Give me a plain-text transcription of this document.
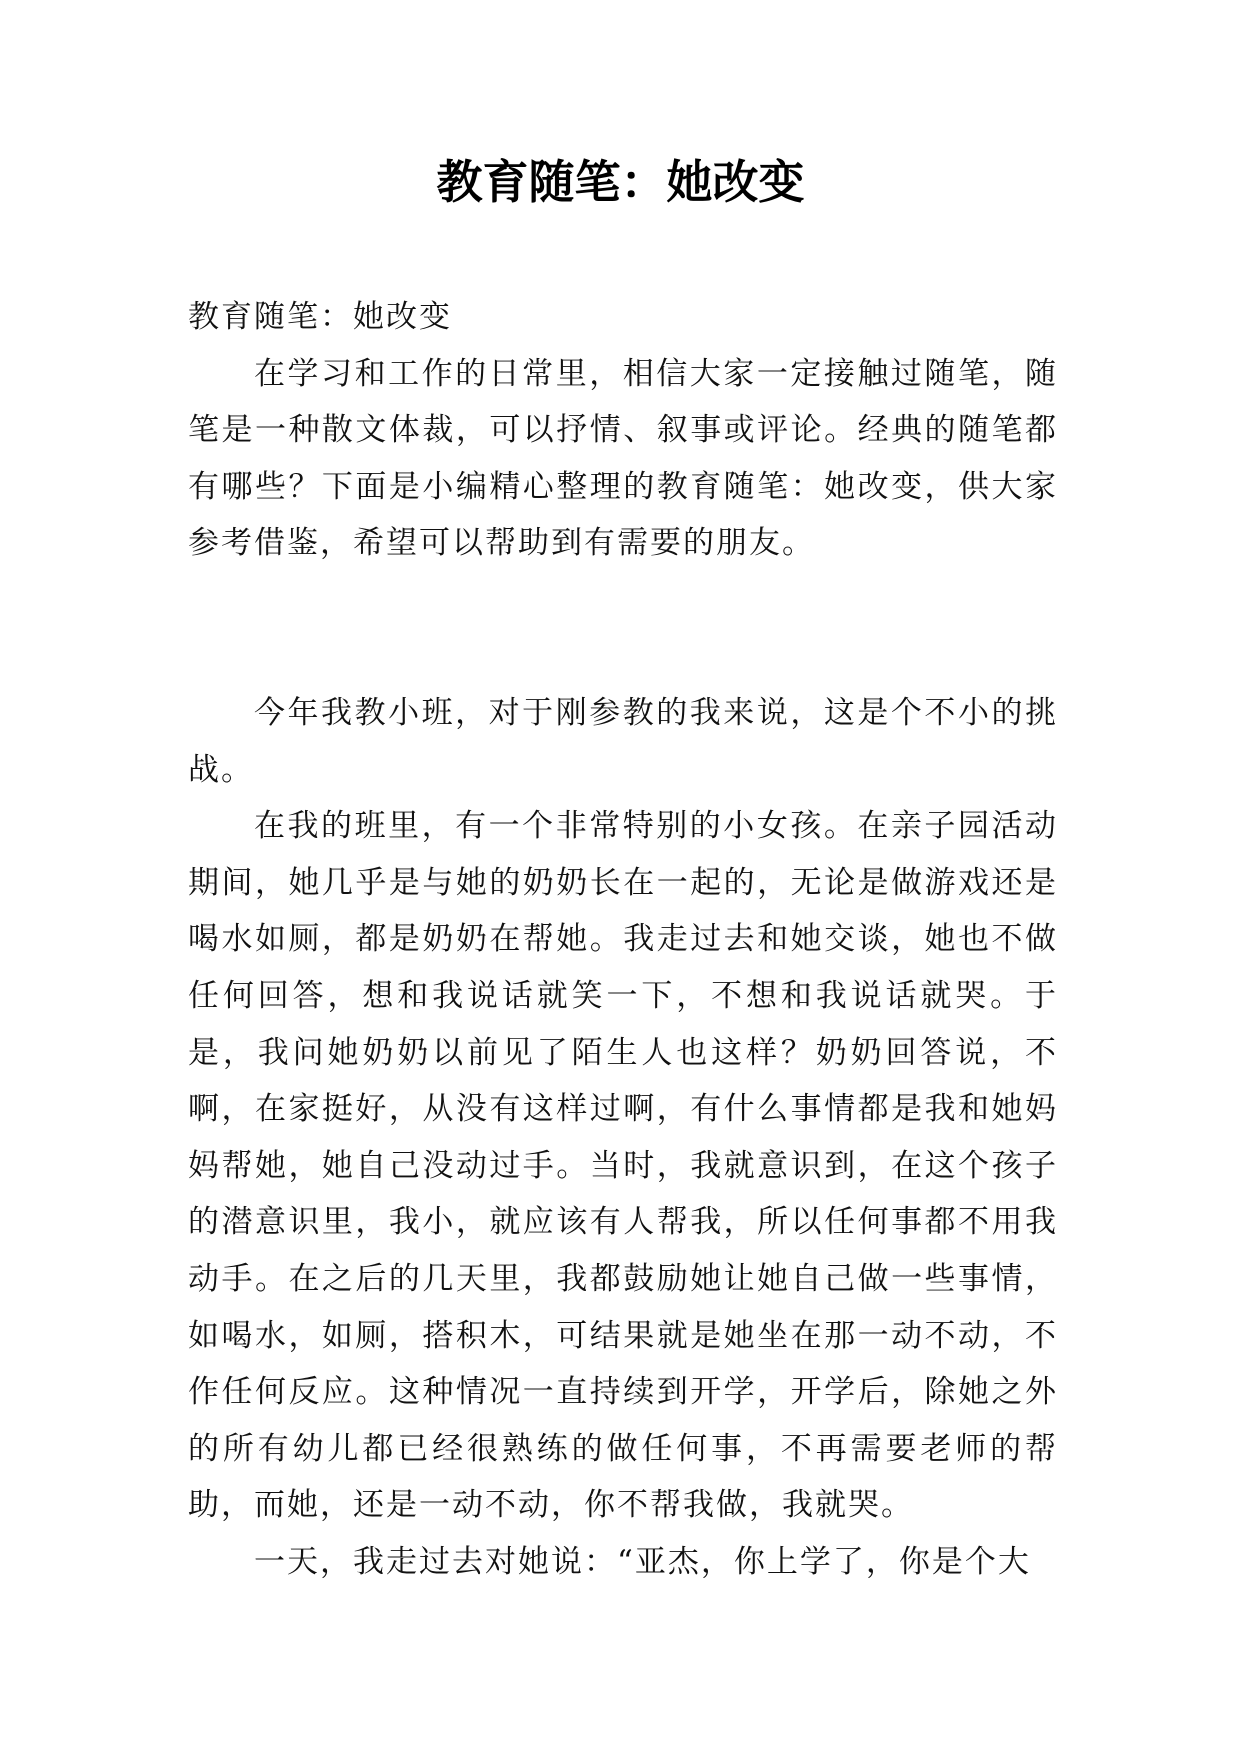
教育随笔：她改变

教育随笔：她改变

在学习和工作的日常里，相信大家一定接触过随笔，随笔是一种散文体裁，可以抒情、叙事或评论。经典的随笔都有哪些？下面是小编精心整理的教育随笔：她改变，供大家参考借鉴，希望可以帮助到有需要的朋友。

今年我教小班，对于刚参教的我来说，这是个不小的挑战。

在我的班里，有一个非常特别的小女孩。在亲子园活动期间，她几乎是与她的奶奶长在一起的，无论是做游戏还是喝水如厕，都是奶奶在帮她。我走过去和她交谈，她也不做任何回答，想和我说话就笑一下，不想和我说话就哭。于是，我问她奶奶以前见了陌生人也这样？奶奶回答说，不啊，在家挺好，从没有这样过啊，有什么事情都是我和她妈妈帮她，她自己没动过手。当时，我就意识到，在这个孩子的潜意识里，我小，就应该有人帮我，所以任何事都不用我动手。在之后的几天里，我都鼓励她让她自己做一些事情，如喝水，如厕，搭积木，可结果就是她坐在那一动不动，不作任何反应。这种情况一直持续到开学，开学后，除她之外的所有幼儿都已经很熟练的做任何事，不再需要老师的帮助，而她，还是一动不动，你不帮我做，我就哭。

一天，我走过去对她说：“亚杰，你上学了，你是个大
